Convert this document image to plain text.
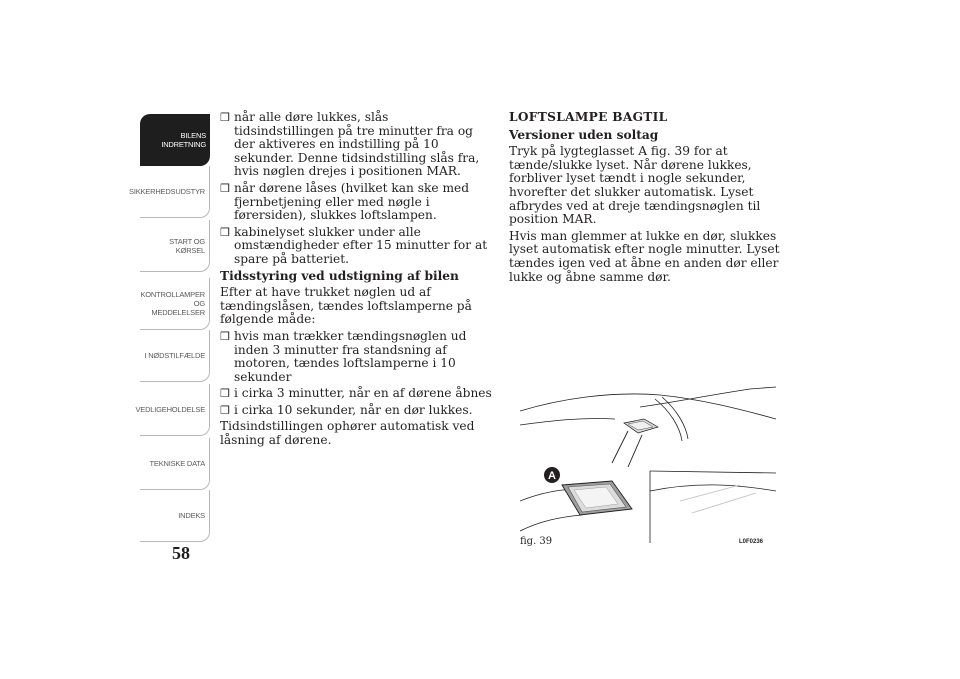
BILENS
INDRETNING
SIKKERHEDSUDSTYR
START OG KØRSEL
KONTROLLAMPER
OG MEDDELELSER
I NØDSTILFÆLDE
VEDLIGEHOLDELSE
TEKNISKE DATA
INDEKS
58
❒ når alle døre lukkes, slås tidsindstillingen på tre minutter fra og der aktiveres en indstilling på 10 sekunder. Denne tidsindstilling slås fra, hvis nøglen drejes i positionen MAR.
❒ når dørene låses (hvilket kan ske med fjernbetjening eller med nøgle i førersiden), slukkes loftslampen.
❒ kabinelyset slukker under alle omstændigheder efter 15 minutter for at spare på batteriet.
Tidsstyring ved udstigning af bilen
Efter at have trukket nøglen ud af tændingslåsen, tændes loftslamperne på følgende måde:
❒ hvis man trækker tændingsnøglen ud inden 3 minutter fra standsning af motoren, tændes loftslamperne i 10 sekunder
❒ i cirka 3 minutter, når en af dørene åbnes
❒ i cirka 10 sekunder, når en dør lukkes.
Tidsindstillingen ophører automatisk ved låsning af dørene.
LOFTSLAMPE BAGTIL
Versioner uden soltag
Tryk på lygteglasset A fig. 39 for at tænde/slukke lyset. Når dørene lukkes, forbliver lyset tændt i nogle sekunder, hvorefter det slukker automatisk. Lyset afbrydes ved at dreje tændingsnøglen til position MAR.
Hvis man glemmer at lukke en dør, slukkes lyset automatisk efter nogle minutter. Lyset tændes igen ved at åbne en anden dør eller lukke og åbne samme dør.
A
fig. 39	L0F0236
